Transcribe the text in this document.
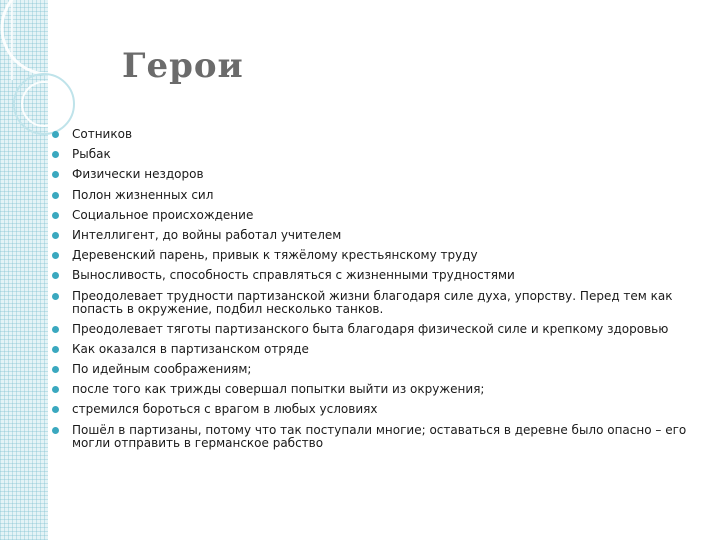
Герои
Сотников
Рыбак
Физически нездоров
Полон жизненных сил
Социальное происхождение
Интеллигент, до войны работал учителем
Деревенский парень, привык к тяжёлому крестьянскому труду
Выносливость, способность справляться с жизненными трудностями
Преодолевает трудности партизанской жизни благодаря силе духа, упорству. Перед тем как попасть в окружение, подбил несколько танков.
Преодолевает тяготы партизанского быта благодаря физической силе и крепкому здоровью
Как оказался в партизанском отряде
По идейным соображениям;
после того как трижды совершал попытки выйти из окружения;
стремился бороться с врагом в любых условиях
Пошёл в партизаны, потому что так поступали многие; оставаться в деревне было опасно – его могли отправить в германское рабство
